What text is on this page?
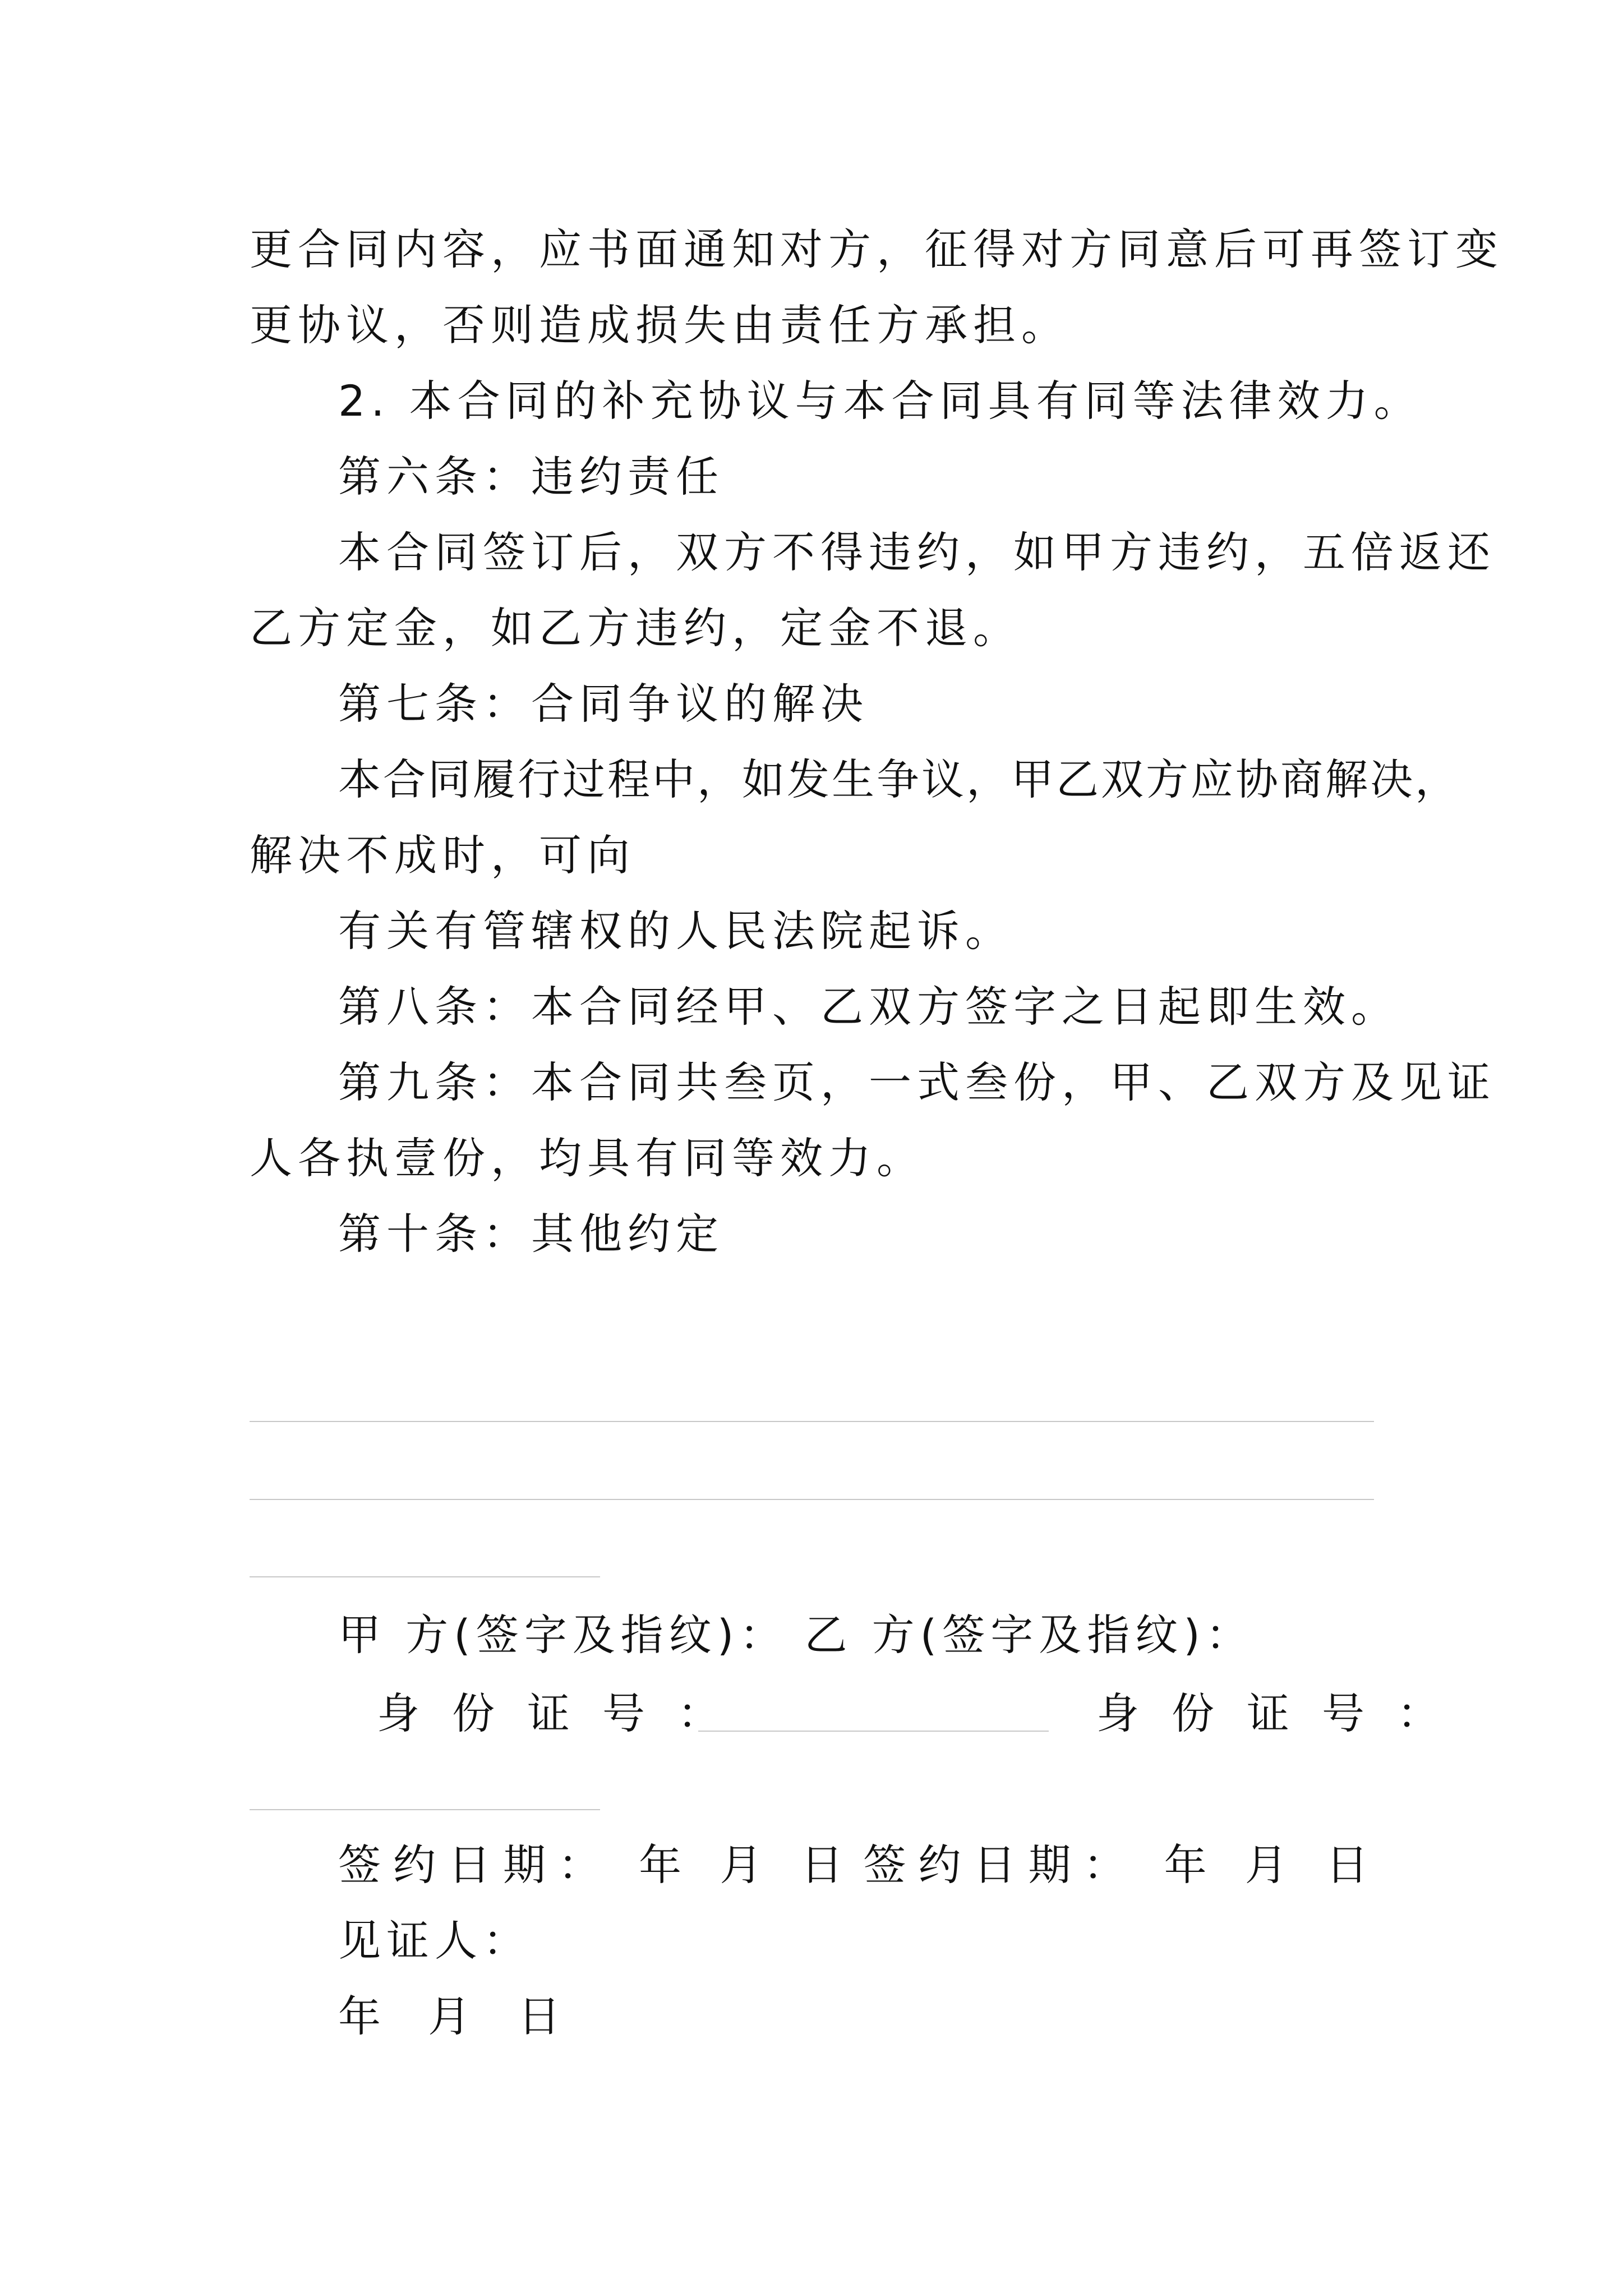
更合同内容，应书面通知对方，征得对方同意后可再签订变
更协议，否则造成损失由责任方承担。
2. 本合同的补充协议与本合同具有同等法律效力。
第六条：违约责任
本合同签订后，双方不得违约，如甲方违约，五倍返还
乙方定金，如乙方违约，定金不退。
第七条：合同争议的解决
本合同履行过程中，如发生争议，甲乙双方应协商解决，
解决不成时，可向
有关有管辖权的人民法院起诉。
第八条：本合同经甲、乙双方签字之日起即生效。
第九条：本合同共叁页，一式叁份，甲、乙双方及见证
人各执壹份，均具有同等效力。
第十条：其他约定
甲 方(签字及指纹)： 乙 方(签字及指纹)：
身份证号：	身份证号：
签约日期： 年 月 日 签约日期： 年 月 日
见证人：
年 月 日
